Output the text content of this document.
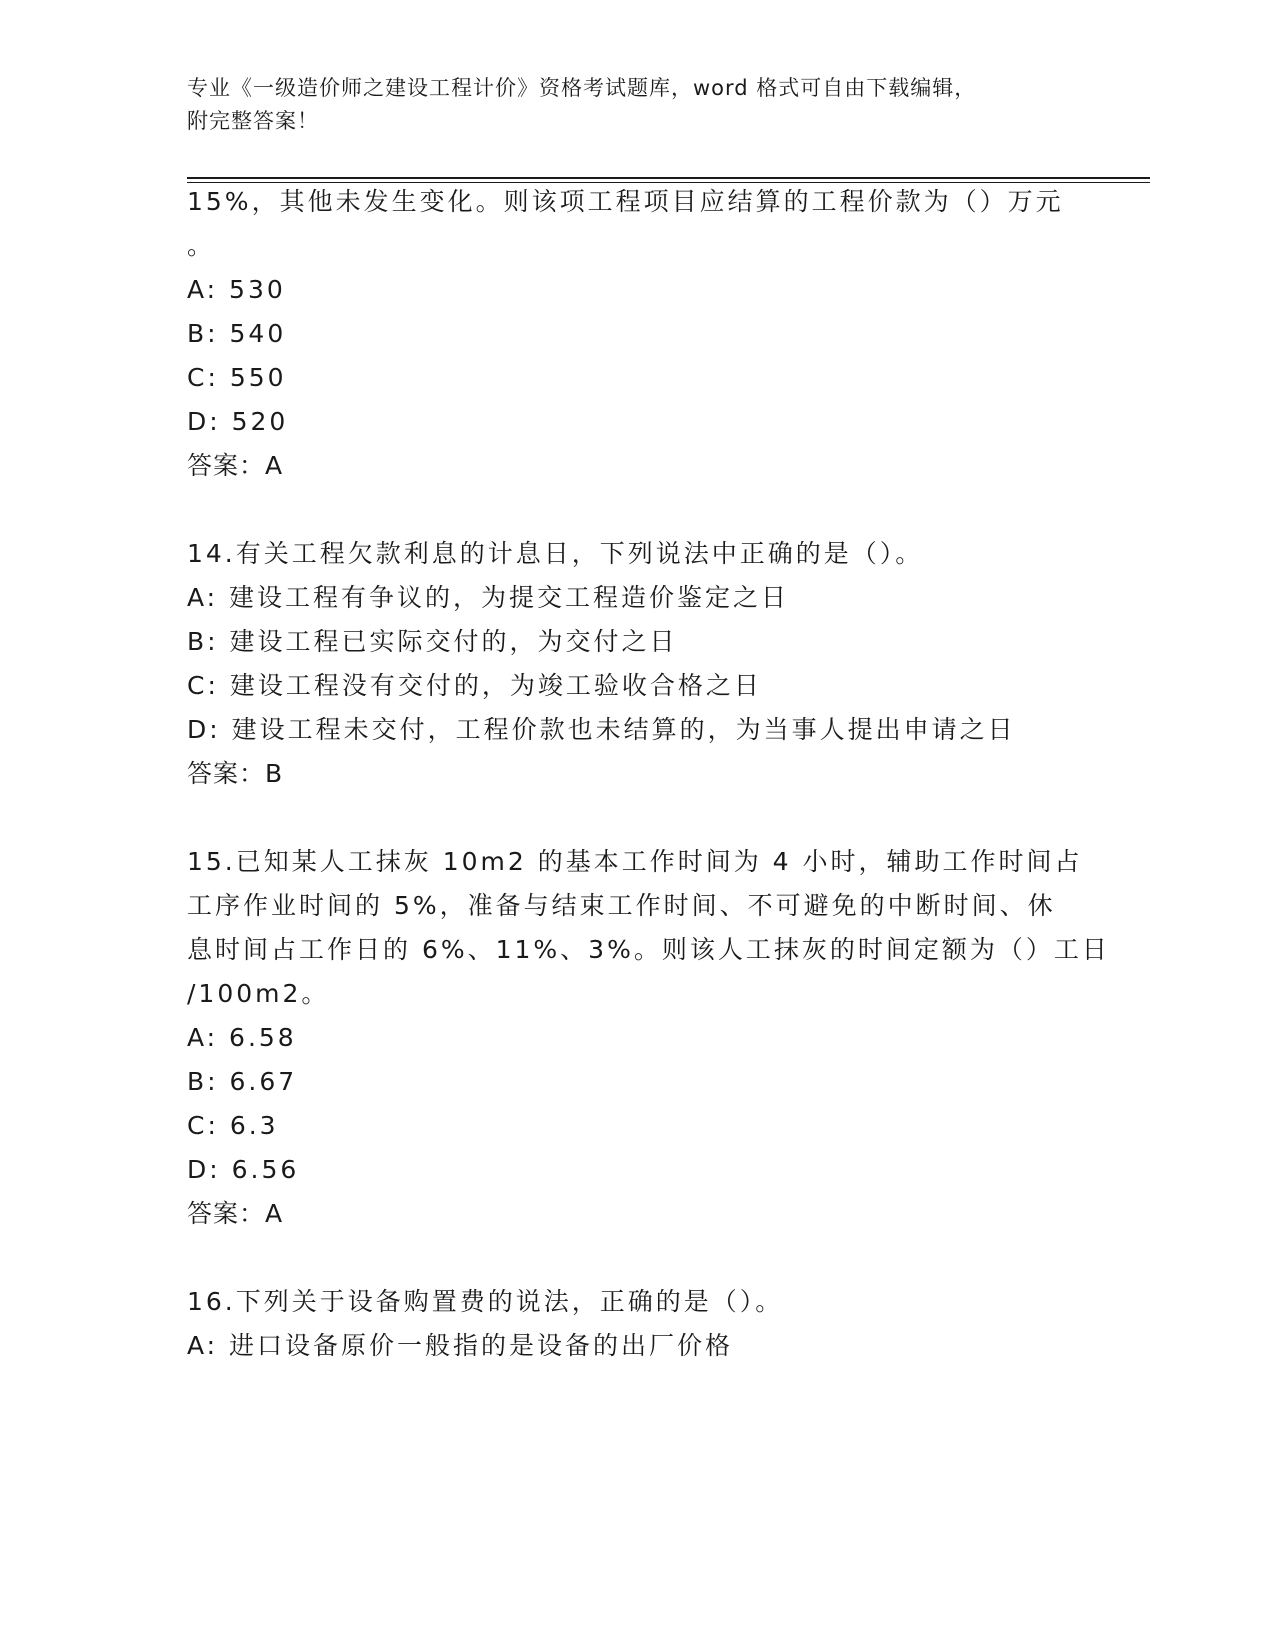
专业《一级造价师之建设工程计价》资格考试题库，word 格式可自由下载编辑，
附完整答案！
15%，其他未发生变化。则该项工程项目应结算的工程价款为（）万元
。
A: 530
B: 540
C: 550
D: 520
答案：A
14.有关工程欠款利息的计息日，下列说法中正确的是（）。
A: 建设工程有争议的，为提交工程造价鉴定之日
B: 建设工程已实际交付的，为交付之日
C: 建设工程没有交付的，为竣工验收合格之日
D: 建设工程未交付，工程价款也未结算的，为当事人提出申请之日
答案：B
15.已知某人工抹灰 10m2 的基本工作时间为 4 小时，辅助工作时间占
工序作业时间的 5%，准备与结束工作时间、不可避免的中断时间、休
息时间占工作日的 6%、11%、3%。则该人工抹灰的时间定额为（）工日
/100m2。
A: 6.58
B: 6.67
C: 6.3
D: 6.56
答案：A
16.下列关于设备购置费的说法，正确的是（）。
A: 进口设备原价一般指的是设备的出厂价格
